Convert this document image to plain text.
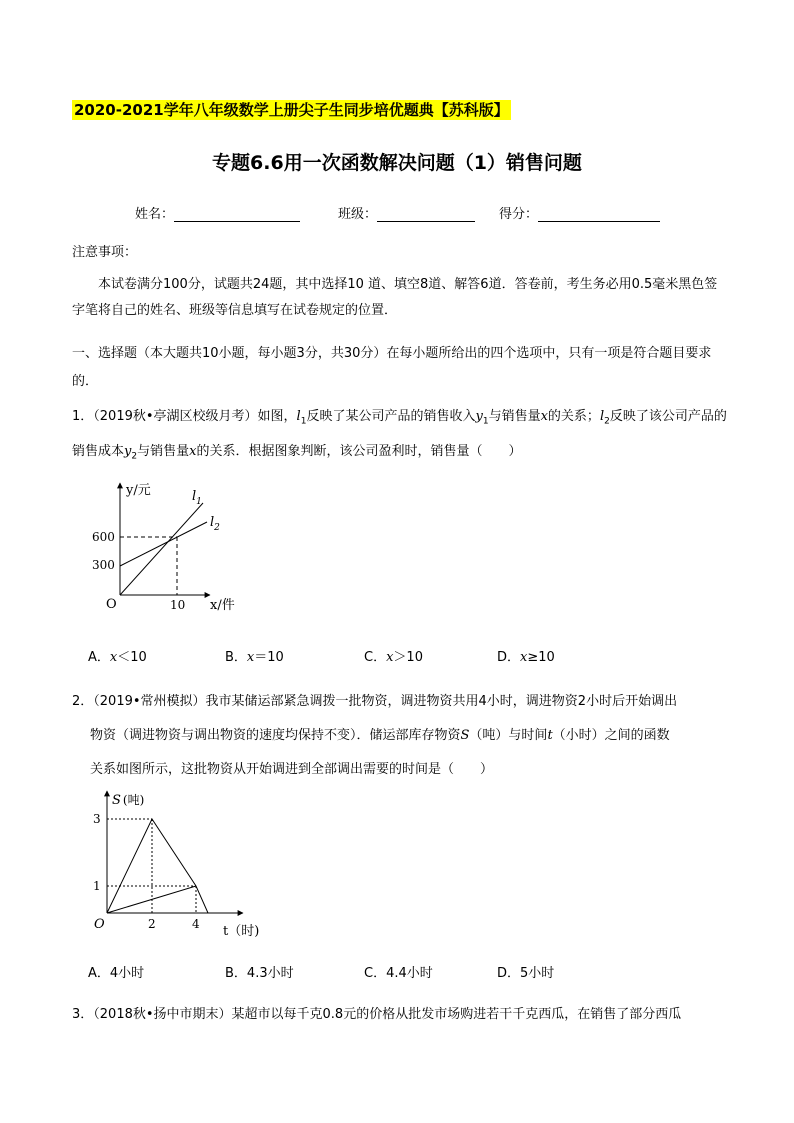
2020-2021学年八年级数学上册尖子生同步培优题典【苏科版】
专题6.6用一次函数解决问题（1）销售问题
姓名：	班级：	得分：
注意事项：
本试卷满分100分，试题共24题，其中选择10 道、填空8道、解答6道．答卷前，考生务必用0.5毫米黑色签字笔将自己的姓名、班级等信息填写在试卷规定的位置．
一、选择题（本大题共10小题，每小题3分，共30分）在每小题所给出的四个选项中，只有一项是符合题目要求的．
1．（2019秋•亭湖区校级月考）如图，$l_1$反映了某公司产品的销售收入$y_1$与销售量x的关系；$l_2$反映了该公司产品的销售成本$y_2$与销售量x的关系．根据图象判断，该公司盈利时，销售量（　　）
y/元
x/件
O
600
300
10
$l_1$
$l_2$
A．x＜10	B．x＝10	C．x＞10	D．x≥10
2．（2019•常州模拟）我市某储运部紧急调拨一批物资，调进物资共用4小时，调进物资2小时后开始调出
物资（调进物资与调出物资的速度均保持不变）．储运部库存物资S（吨）与时间t（小时）之间的函数
关系如图所示，这批物资从开始调进到全部调出需要的时间是（　　）
S (吨)
t（时)
O
3
1
2	4
A．4小时	B．4.3小时	C．4.4小时	D．5小时
3．（2018秋•扬中市期末）某超市以每千克0.8元的价格从批发市场购进若干千克西瓜，在销售了部分西瓜
